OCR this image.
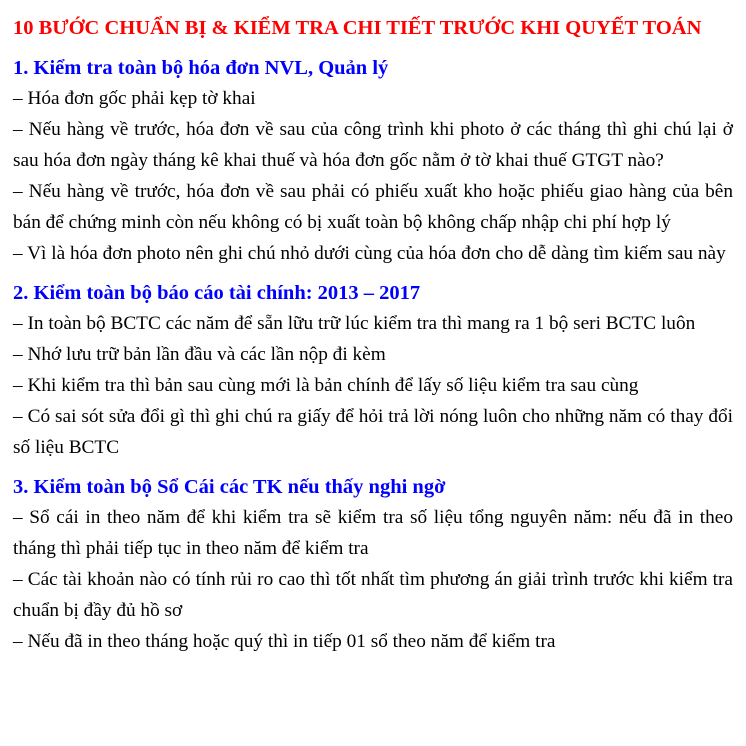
10 BƯỚC CHUẨN BỊ & KIỂM TRA CHI TIẾT TRƯỚC KHI QUYẾT TOÁN
1. Kiểm tra toàn bộ hóa đơn NVL, Quản lý

– Hóa đơn gốc phải kẹp tờ khai

– Nếu hàng về trước, hóa đơn về sau của công trình khi photo ở các tháng thì ghi chú lại ở sau hóa đơn ngày tháng kê khai thuế và hóa đơn gốc nằm ở tờ khai thuế GTGT nào?

– Nếu hàng về trước, hóa đơn về sau phải có phiếu xuất kho hoặc phiếu giao hàng của bên bán để chứng minh còn nếu không có bị xuất toàn bộ không chấp nhập chi phí hợp lý

– Vì là hóa đơn photo nên ghi chú nhỏ dưới cùng của hóa đơn cho dễ dàng tìm kiếm sau này

2. Kiểm toàn bộ báo cáo tài chính: 2013 – 2017

– In toàn bộ BCTC các năm để sẵn lữu trữ lúc kiểm tra thì mang ra 1 bộ seri BCTC luôn

– Nhớ lưu trữ bản lần đầu và các lần nộp đi kèm

– Khi kiểm tra thì bản sau cùng mới là bản chính để lấy số liệu kiểm tra sau cùng

– Có sai sót sửa đổi gì thì ghi chú ra giấy để hỏi trả lời nóng luôn cho những năm có thay đổi số liệu BCTC

3. Kiểm toàn bộ Sổ Cái các TK nếu thấy nghi ngờ

– Sổ cái in theo năm để khi kiểm tra sẽ kiểm tra số liệu tổng nguyên năm: nếu đã in theo tháng thì phải tiếp tục in theo năm để kiểm tra

– Các tài khoản nào có tính rủi ro cao thì tốt nhất tìm phương án giải trình trước khi kiểm tra chuẩn bị đầy đủ hồ sơ

– Nếu đã in theo tháng hoặc quý thì in tiếp 01 sổ theo năm để kiểm tra
